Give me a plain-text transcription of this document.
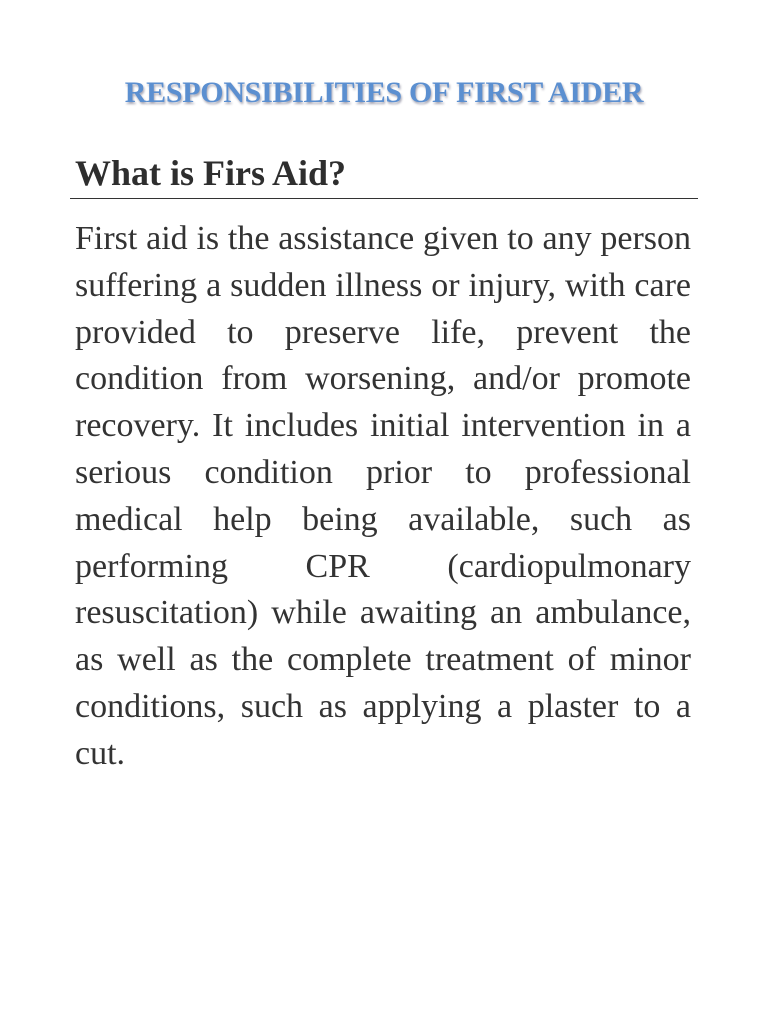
RESPONSIBILITIES OF FIRST AIDER
What is Firs Aid?

First aid is the assistance given to any person suffering a sudden illness or injury, with care provided to preserve life, prevent the condition from worsening, and/or promote recovery. It includes initial intervention in a serious condition prior to professional medical help being available, such as performing CPR (cardiopulmonary resuscitation) while awaiting an ambulance, as well as the complete treatment of minor conditions, such as applying a plaster to a cut.
